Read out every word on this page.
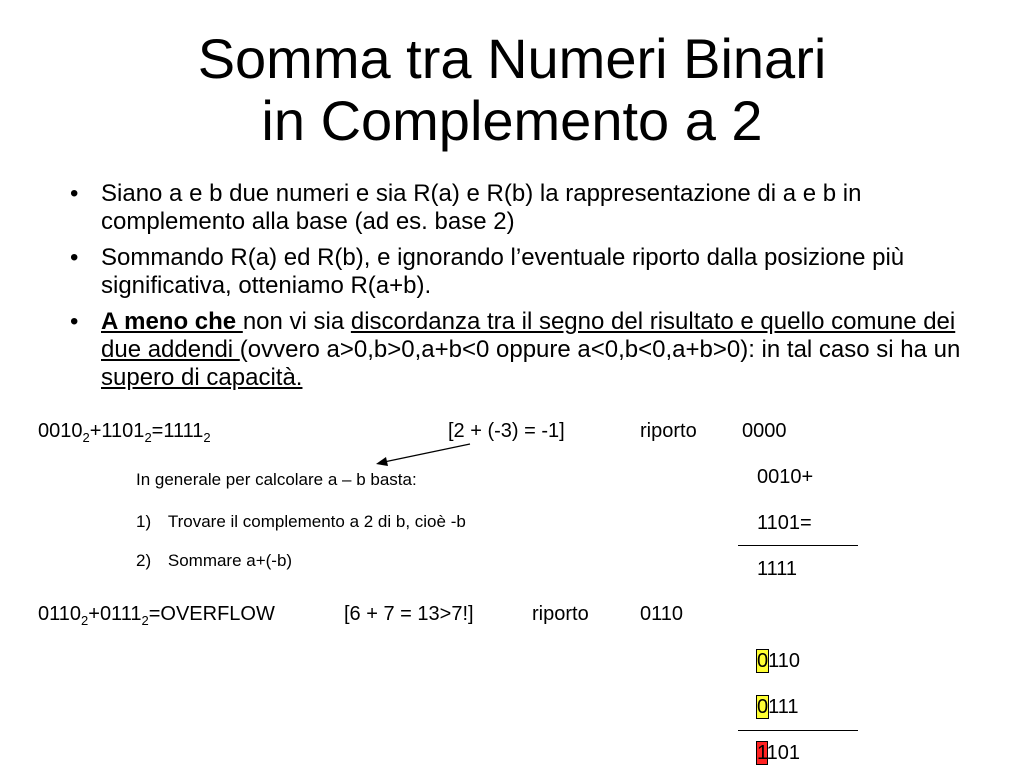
Somma tra Numeri Binari
in Complemento a 2
• Siano a e b due numeri e sia R(a) e R(b) la rappresentazione di a e b in complemento alla base (ad es. base 2)
• Sommando R(a) ed R(b), e ignorando l’eventuale riporto dalla posizione più significativa, otteniamo R(a+b).
• A meno che non vi sia discordanza tra il segno del risultato e quello comune dei due addendi (ovvero a>0,b>0,a+b<0 oppure a<0,b<0,a+b>0): in tal caso si ha un supero di capacità.
$0010_2+1101_2=1111_2$	[2 + (-3) = -1]	riporto 0000
In generale per calcolare a – b basta:
1) Trovare il complemento a 2 di b, cioè -b
2) Sommare a+(-b)
0010+
1101=
1111
$0110_2+0111_2=OVERFLOW$	[6 + 7 = 13>7!]	riporto	0110
0110
0111
1101
